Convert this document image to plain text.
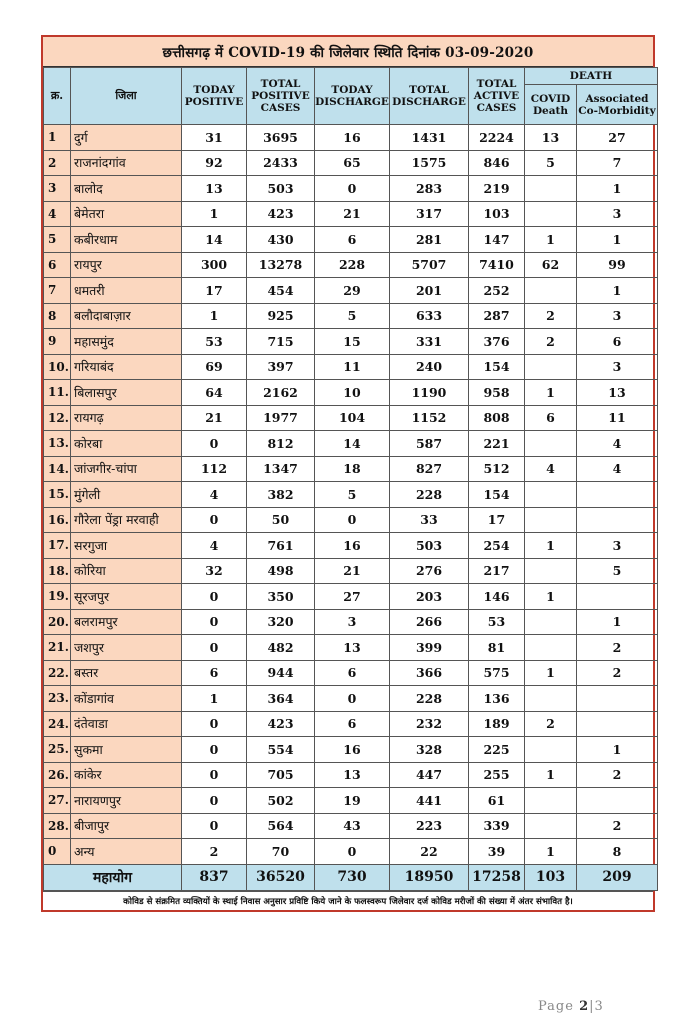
छत्तीसगढ़ में COVID-19 की जिलेवार स्थिति दिनांक 03-09-2020
क्र.	जिला	TODAY POSITIVE	TOTAL POSITIVE CASES	TODAY DISCHARGE	TOTAL DISCHARGE	TOTAL ACTIVE CASES	DEATH	
							COVID Death	Associated Co-Morbidity
1	दुर्ग	31	3695	16	1431	2224	13	27
2	राजनांदगांव	92	2433	65	1575	846	5	7
3	बालोद	13	503	0	283	219		1
4	बेमेतरा	1	423	21	317	103		3
5	कबीरधाम	14	430	6	281	147	1	1
6	रायपुर	300	13278	228	5707	7410	62	99
7	धमतरी	17	454	29	201	252		1
8	बलौदाबाज़ार	1	925	5	633	287	2	3
9	महासमुंद	53	715	15	331	376	2	6
10.	गरियाबंद	69	397	11	240	154		3
11.	बिलासपुर	64	2162	10	1190	958	1	13
12.	रायगढ़	21	1977	104	1152	808	6	11
13.	कोरबा	0	812	14	587	221		4
14.	जांजगीर-चांपा	112	1347	18	827	512	4	4
15.	मुंगेली	4	382	5	228	154		
16.	गौरेला पेंड्रा मरवाही	0	50	0	33	17		
17.	सरगुजा	4	761	16	503	254	1	3
18.	कोरिया	32	498	21	276	217		5
19.	सूरजपुर	0	350	27	203	146	1	
20.	बलरामपुर	0	320	3	266	53		1
21.	जशपुर	0	482	13	399	81		2
22.	बस्तर	6	944	6	366	575	1	2
23.	कोंडागांव	1	364	0	228	136		
24.	दंतेवाडा	0	423	6	232	189	2	
25.	सुकमा	0	554	16	328	225		1
26.	कांकेर	0	705	13	447	255	1	2
27.	नारायणपुर	0	502	19	441	61		
28.	बीजापुर	0	564	43	223	339		2
0	अन्य	2	70	0	22	39	1	8
महायोग		837	36520	730	18950	17258	103	209
कोविड से संक्रमित व्यक्तियों के स्थाई निवास अनुसार प्रविष्टि किये जाने के फलस्वरूप जिलेवार दर्ज कोविड मरीजों की संख्या में अंतर संभावित है।
Page 2|3
